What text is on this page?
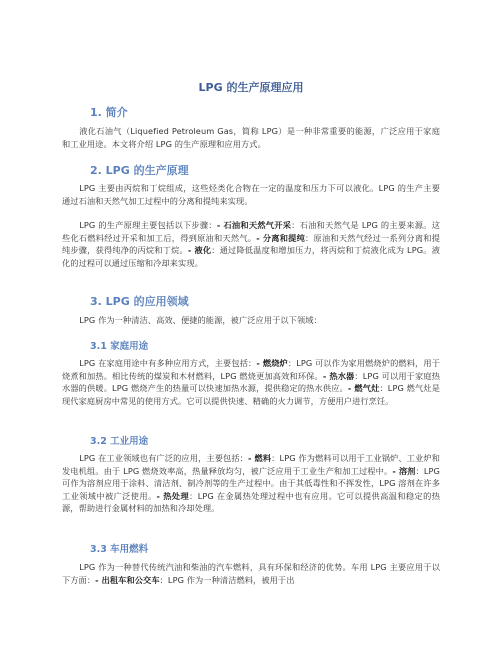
LPG 的生产原理应用
1. 简介

液化石油气（Liquefied Petroleum Gas，简称 LPG）是一种非常重要的能源，广泛应用于家庭和工业用途。本文将介绍 LPG 的生产原理和应用方式。

2. LPG 的生产原理

LPG 主要由丙烷和丁烷组成，这些烃类化合物在一定的温度和压力下可以液化。LPG 的生产主要通过石油和天然气加工过程中的分离和提纯来实现。

LPG 的生产原理主要包括以下步骤：- 石油和天然气开采：石油和天然气是 LPG 的主要来源。这些化石燃料经过开采和加工后，得到原油和天然气。- 分离和提纯：原油和天然气经过一系列分离和提纯步骤，获得纯净的丙烷和丁烷。- 液化：通过降低温度和增加压力，将丙烷和丁烷液化成为 LPG。液化的过程可以通过压缩和冷却来实现。

3. LPG 的应用领域

LPG 作为一种清洁、高效、便捷的能源，被广泛应用于以下领域：

3.1 家庭用途

LPG 在家庭用途中有多种应用方式，主要包括：- 燃烧炉：LPG 可以作为家用燃烧炉的燃料，用于烧煮和加热。相比传统的煤炭和木材燃料，LPG 燃烧更加高效和环保。- 热水器：LPG 可以用于家庭热水器的供暖。LPG 燃烧产生的热量可以快速加热水源，提供稳定的热水供应。- 燃气灶：LPG 燃气灶是现代家庭厨房中常见的使用方式。它可以提供快速、精确的火力调节，方便用户进行烹饪。

3.2 工业用途

LPG 在工业领域也有广泛的应用，主要包括：- 燃料：LPG 作为燃料可以用于工业锅炉、工业炉和发电机组。由于 LPG 燃烧效率高，热量释放均匀，被广泛应用于工业生产和加工过程中。- 溶剂：LPG 可作为溶剂应用于涂料、清洁剂、制冷剂等的生产过程中。由于其低毒性和不挥发性，LPG 溶剂在许多工业领域中被广泛使用。- 热处理：LPG 在金属热处理过程中也有应用。它可以提供高温和稳定的热源，帮助进行金属材料的加热和冷却处理。

3.3 车用燃料

LPG 作为一种替代传统汽油和柴油的汽车燃料，具有环保和经济的优势。车用 LPG 主要应用于以下方面：- 出租车和公交车：LPG 作为一种清洁燃料，被用于出
